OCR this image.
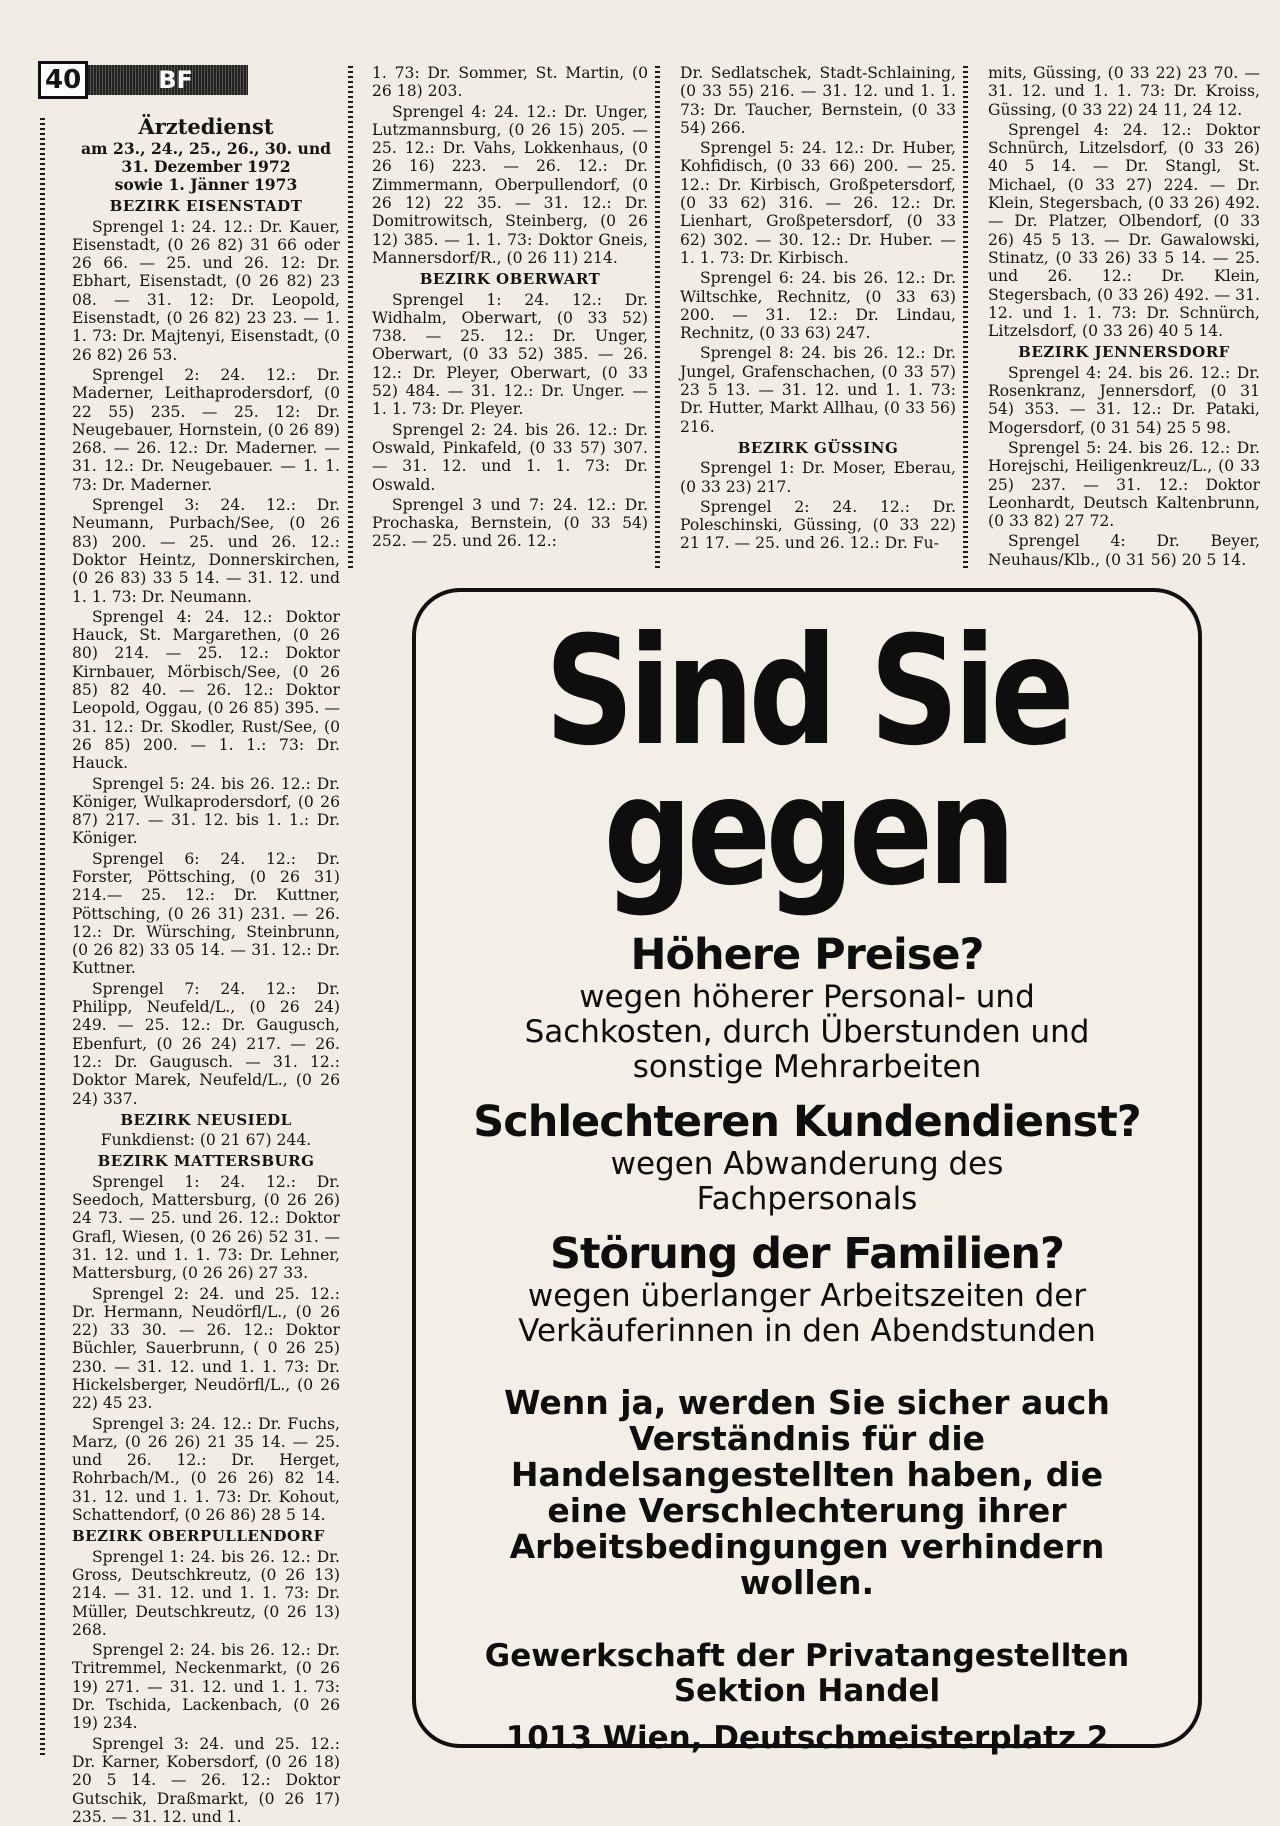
40	BF
Ärztedienst
am 23., 24., 25., 26., 30. und
31. Dezember 1972
sowie 1. Jänner 1973
BEZIRK EISENSTADT

Sprengel 1: 24. 12.: Dr. Kauer, Eisenstadt, (0 26 82) 31 66 oder 26 66. — 25. und 26. 12: Dr. Ebhart, Eisenstadt, (0 26 82) 23 08. — 31. 12: Dr. Leopold, Eisenstadt, (0 26 82) 23 23. — 1. 1. 73: Dr. Majtenyi, Eisenstadt, (0 26 82) 26 53.

Sprengel 2: 24. 12.: Dr. Maderner, Leithaprodersdorf, (0 22 55) 235. — 25. 12: Dr. Neugebauer, Hornstein, (0 26 89) 268. — 26. 12.: Dr. Maderner. — 31. 12.: Dr. Neugebauer. — 1. 1. 73: Dr. Maderner.

Sprengel 3: 24. 12.: Dr. Neumann, Purbach/See, (0 26 83) 200. — 25. und 26. 12.: Doktor Heintz, Donnerskirchen, (0 26 83) 33 5 14. — 31. 12. und 1. 1. 73: Dr. Neumann.

Sprengel 4: 24. 12.: Doktor Hauck, St. Margarethen, (0 26 80) 214. — 25. 12.: Doktor Kirnbauer, Mörbisch/See, (0 26 85) 82 40. — 26. 12.: Doktor Leopold, Oggau, (0 26 85) 395. — 31. 12.: Dr. Skodler, Rust/See, (0 26 85) 200. — 1. 1.: 73: Dr. Hauck.

Sprengel 5: 24. bis 26. 12.: Dr. Königer, Wulkaprodersdorf, (0 26 87) 217. — 31. 12. bis 1. 1.: Dr. Königer.

Sprengel 6: 24. 12.: Dr. Forster, Pöttsching, (0 26 31) 214.— 25. 12.: Dr. Kuttner, Pöttsching, (0 26 31) 231. — 26. 12.: Dr. Würsching, Steinbrunn, (0 26 82) 33 05 14. — 31. 12.: Dr. Kuttner.

Sprengel 7: 24. 12.: Dr. Philipp, Neufeld/L., (0 26 24) 249. — 25. 12.: Dr. Gaugusch, Ebenfurt, (0 26 24) 217. — 26. 12.: Dr. Gaugusch. — 31. 12.: Doktor Marek, Neufeld/L., (0 26 24) 337.

BEZIRK NEUSIEDL

Funkdienst: (0 21 67) 244.

BEZIRK MATTERSBURG

Sprengel 1: 24. 12.: Dr. Seedoch, Mattersburg, (0 26 26) 24 73. — 25. und 26. 12.: Doktor Grafl, Wiesen, (0 26 26) 52 31. — 31. 12. und 1. 1. 73: Dr. Lehner, Mattersburg, (0 26 26) 27 33.

Sprengel 2: 24. und 25. 12.: Dr. Hermann, Neudörfl/L., (0 26 22) 33 30. — 26. 12.: Doktor Büchler, Sauerbrunn, ( 0 26 25) 230. — 31. 12. und 1. 1. 73: Dr. Hickelsberger, Neudörfl/L., (0 26 22) 45 23.

Sprengel 3: 24. 12.: Dr. Fuchs, Marz, (0 26 26) 21 35 14. — 25. und 26. 12.: Dr. Herget, Rohrbach/M., (0 26 26) 82 14. 31. 12. und 1. 1. 73: Dr. Kohout, Schattendorf, (0 26 86) 28 5 14.

BEZIRK OBERPULLENDORF

Sprengel 1: 24. bis 26. 12.: Dr. Gross, Deutschkreutz, (0 26 13) 214. — 31. 12. und 1. 1. 73: Dr. Müller, Deutschkreutz, (0 26 13) 268.

Sprengel 2: 24. bis 26. 12.: Dr. Tritremmel, Neckenmarkt, (0 26 19) 271. — 31. 12. und 1. 1. 73: Dr. Tschida, Lackenbach, (0 26 19) 234.

Sprengel 3: 24. und 25. 12.: Dr. Karner, Kobersdorf, (0 26 18) 20 5 14. — 26. 12.: Doktor Gutschik, Draßmarkt, (0 26 17) 235. — 31. 12. und 1.

1. 73: Dr. Sommer, St. Martin, (0 26 18) 203.

Sprengel 4: 24. 12.: Dr. Unger, Lutzmannsburg, (0 26 15) 205. — 25. 12.: Dr. Vahs, Lokkenhaus, (0 26 16) 223. — 26. 12.: Dr. Zimmermann, Oberpullendorf, (0 26 12) 22 35. — 31. 12.: Dr. Domitrowitsch, Steinberg, (0 26 12) 385. — 1. 1. 73: Doktor Gneis, Mannersdorf/R., (0 26 11) 214.

BEZIRK OBERWART

Sprengel 1: 24. 12.: Dr. Widhalm, Oberwart, (0 33 52) 738. — 25. 12.: Dr. Unger, Oberwart, (0 33 52) 385. — 26. 12.: Dr. Pleyer, Oberwart, (0 33 52) 484. — 31. 12.: Dr. Unger. — 1. 1. 73: Dr. Pleyer.

Sprengel 2: 24. bis 26. 12.: Dr. Oswald, Pinkafeld, (0 33 57) 307. — 31. 12. und 1. 1. 73: Dr. Oswald.

Sprengel 3 und 7: 24. 12.: Dr. Prochaska, Bernstein, (0 33 54) 252. — 25. und 26. 12.:

Dr. Sedlatschek, Stadt-Schlaining, (0 33 55) 216. — 31. 12. und 1. 1. 73: Dr. Taucher, Bernstein, (0 33 54) 266.

Sprengel 5: 24. 12.: Dr. Huber, Kohfidisch, (0 33 66) 200. — 25. 12.: Dr. Kirbisch, Großpetersdorf, (0 33 62) 316. — 26. 12.: Dr. Lienhart, Großpetersdorf, (0 33 62) 302. — 30. 12.: Dr. Huber. — 1. 1. 73: Dr. Kirbisch.

Sprengel 6: 24. bis 26. 12.: Dr. Wiltschke, Rechnitz, (0 33 63) 200. — 31. 12.: Dr. Lindau, Rechnitz, (0 33 63) 247.

Sprengel 8: 24. bis 26. 12.: Dr. Jungel, Grafenschachen, (0 33 57) 23 5 13. — 31. 12. und 1. 1. 73: Dr. Hutter, Markt Allhau, (0 33 56) 216.

BEZIRK GÜSSING

Sprengel 1: Dr. Moser, Eberau, (0 33 23) 217.

Sprengel 2: 24. 12.: Dr. Poleschinski, Güssing, (0 33 22) 21 17. — 25. und 26. 12.: Dr. Fu-

mits, Güssing, (0 33 22) 23 70. — 31. 12. und 1. 1. 73: Dr. Kroiss, Güssing, (0 33 22) 24 11, 24 12.

Sprengel 4: 24. 12.: Doktor Schnürch, Litzelsdorf, (0 33 26) 40 5 14. — Dr. Stangl, St. Michael, (0 33 27) 224. — Dr. Klein, Stegersbach, (0 33 26) 492. — Dr. Platzer, Olbendorf, (0 33 26) 45 5 13. — Dr. Gawalowski, Stinatz, (0 33 26) 33 5 14. — 25. und 26. 12.: Dr. Klein, Stegersbach, (0 33 26) 492. — 31. 12. und 1. 1. 73: Dr. Schnürch, Litzelsdorf, (0 33 26) 40 5 14.

BEZIRK JENNERSDORF

Sprengel 4: 24. bis 26. 12.: Dr. Rosenkranz, Jennersdorf, (0 31 54) 353. — 31. 12.: Dr. Pataki, Mogersdorf, (0 31 54) 25 5 98.

Sprengel 5: 24. bis 26. 12.: Dr. Horejschi, Heiligenkreuz/L., (0 33 25) 237. — 31. 12.: Doktor Leonhardt, Deutsch Kaltenbrunn, (0 33 82) 27 72.

Sprengel 4: Dr. Beyer, Neuhaus/Klb., (0 31 56) 20 5 14.

Sind Sie
gegen
Höhere Preise?
wegen höherer Personal- und
Sachkosten, durch Überstunden und
sonstige Mehrarbeiten
Schlechteren Kundendienst?
wegen Abwanderung des
Fachpersonals
Störung der Familien?
wegen überlanger Arbeitszeiten der
Verkäuferinnen in den Abendstunden
Wenn ja, werden Sie sicher auch
Verständnis für die
Handelsangestellten haben, die
eine Verschlechterung ihrer
Arbeitsbedingungen verhindern
wollen.
Gewerkschaft der Privatangestellten
Sektion Handel
1013 Wien, Deutschmeisterplatz 2
